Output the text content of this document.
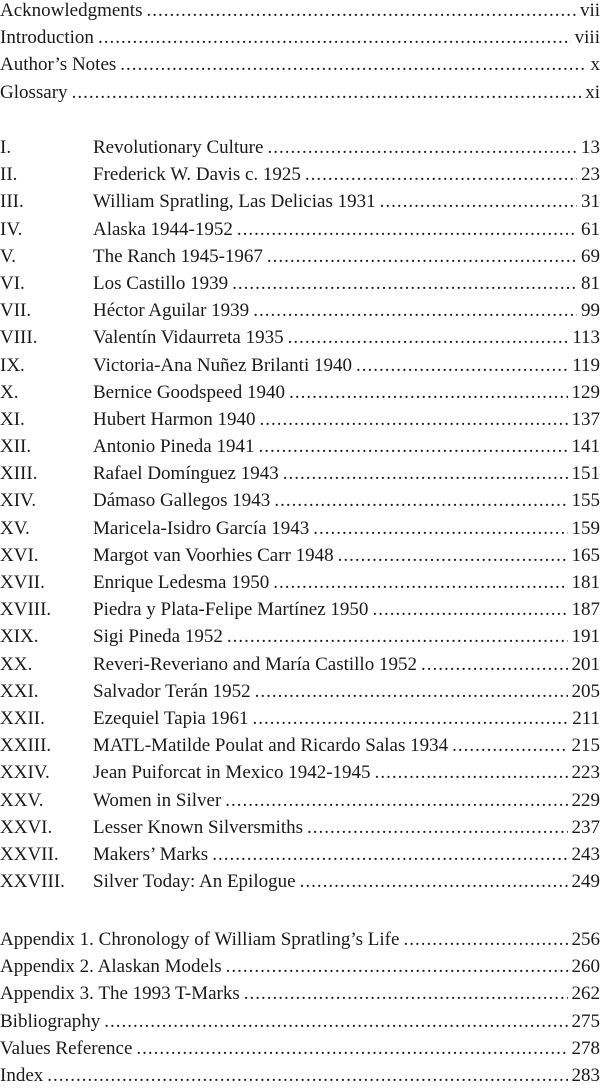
Acknowledgments .....	vii
Introduction .....	viii
Author’s Notes .....	x
Glossary .....	xi
I.	Revolutionary Culture .....	13
II.	Frederick W. Davis c. 1925 .....	23
III.	William Spratling, Las Delicias 1931 .....	31
IV.	Alaska 1944-1952 .....	61
V.	The Ranch 1945-1967 .....	69
VI.	Los Castillo 1939 .....	81
VII.	Héctor Aguilar 1939 .....	99
VIII.	Valentín Vidaurreta 1935 .....	113
IX.	Victoria-Ana Nuñez Brilanti 1940 .....	119
X.	Bernice Goodspeed 1940 .....	129
XI.	Hubert Harmon 1940 .....	137
XII.	Antonio Pineda 1941 .....	141
XIII.	Rafael Domínguez 1943 .....	151
XIV.	Dámaso Gallegos 1943 .....	155
XV.	Maricela-Isidro García 1943 .....	159
XVI.	Margot van Voorhies Carr 1948 .....	165
XVII.	Enrique Ledesma 1950 .....	181
XVIII.	Piedra y Plata-Felipe Martínez 1950 .....	187
XIX.	Sigi Pineda 1952 .....	191
XX.	Reveri-Reveriano and María Castillo 1952 .....	201
XXI.	Salvador Terán 1952 .....	205
XXII.	Ezequiel Tapia 1961 .....	211
XXIII.	MATL-Matilde Poulat and Ricardo Salas 1934 .....	215
XXIV.	Jean Puiforcat in Mexico 1942-1945 .....	223
XXV.	Women in Silver .....	229
XXVI.	Lesser Known Silversmiths .....	237
XXVII.	Makers’ Marks .....	243
XXVIII.	Silver Today: An Epilogue .....	249
Appendix 1. Chronology of William Spratling’s Life .....	256
Appendix 2. Alaskan Models .....	260
Appendix 3. The 1993 T-Marks .....	262
Bibliography .....	275
Values Reference .....	278
Index .....	283
